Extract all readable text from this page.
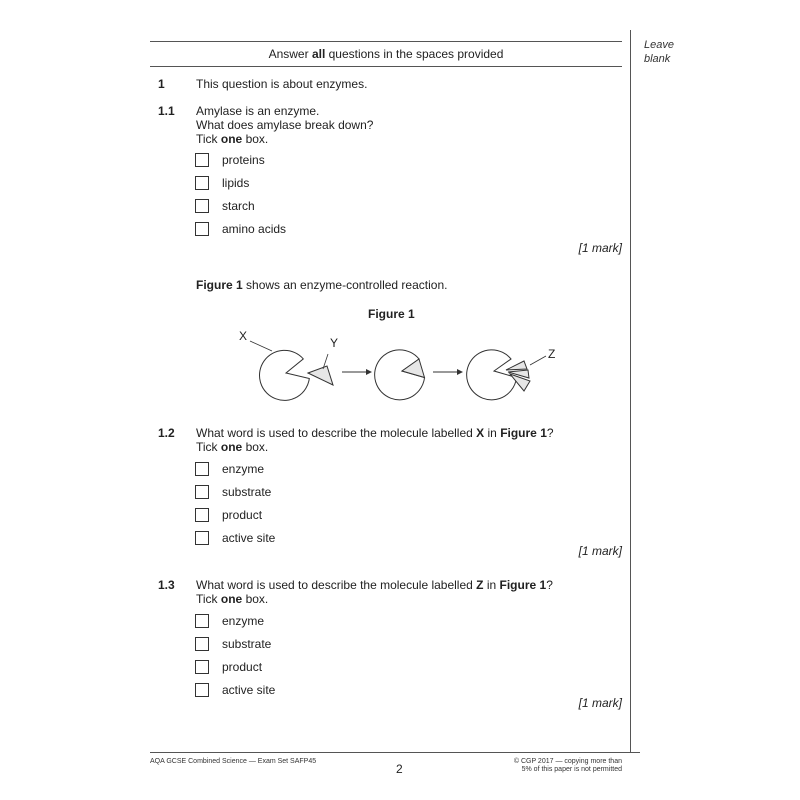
Leave
blank
Answer all questions in the spaces provided
1	This question is about enzymes.
1.1 Amylase is an enzyme.
What does amylase break down?
Tick one box.
proteins
lipids
starch
amino acids
[1 mark]
Figure 1 shows an enzyme-controlled reaction.
Figure 1
X	Y
Z
1.2 What word is used to describe the molecule labelled X in Figure 1?
Tick one box.
enzyme
substrate
product
active site
[1 mark]
1.3 What word is used to describe the molecule labelled Z in Figure 1?
Tick one box.
enzyme
substrate
product
active site
[1 mark]
AQA GCSE Combined Science — Exam Set SAFP45
2
© CGP 2017 — copying more than
5% of this paper is not permitted
